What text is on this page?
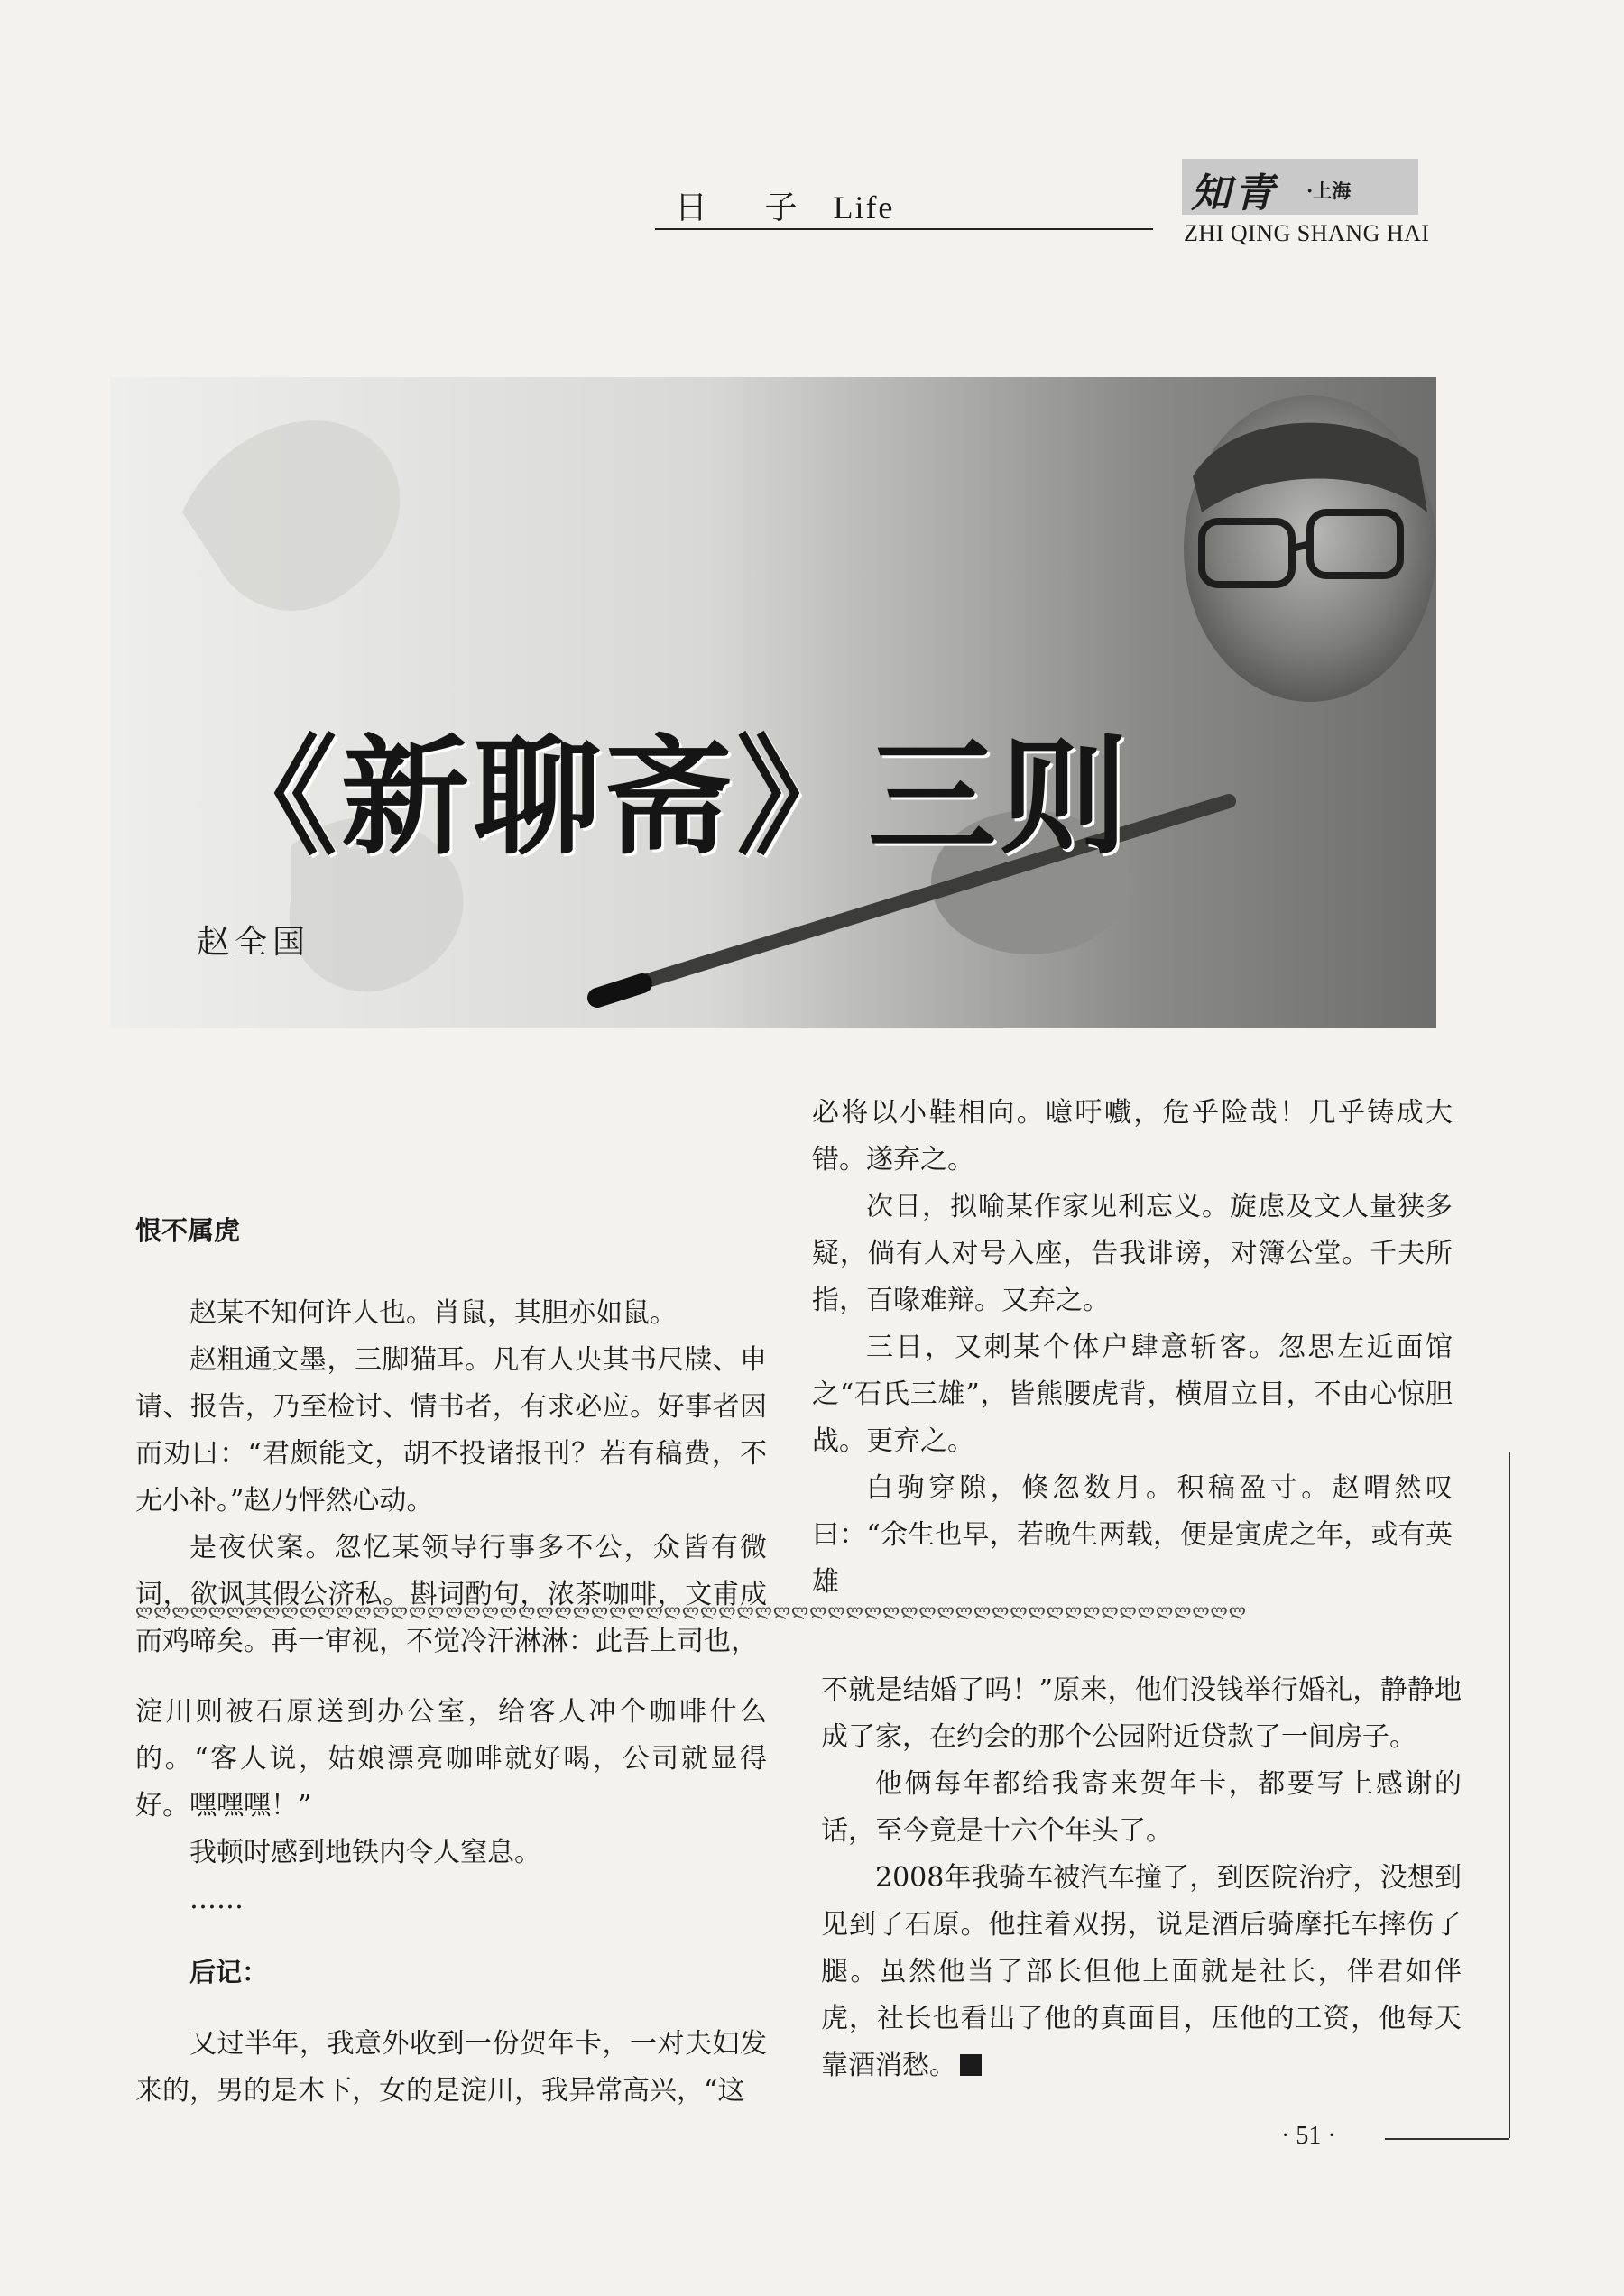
日 子 Life	知青 ·上海
ZHI QING SHANG HAI
《新聊斋》三则
赵全国

恨不属虎

赵某不知何许人也。肖鼠，其胆亦如鼠。

赵粗通文墨，三脚猫耳。凡有人央其书尺牍、申请、报告，乃至检讨、情书者，有求必应。好事者因而劝曰：“君颇能文，胡不投诸报刊？若有稿费，不无小补。”赵乃怦然心动。

是夜伏案。忽忆某领导行事多不公，众皆有微词，欲讽其假公济私。斟词酌句，浓茶咖啡，文甫成而鸡啼矣。再一审视，不觉冷汗淋淋：此吾上司也，

必将以小鞋相向。噫吁嚱，危乎险哉！几乎铸成大错。遂弃之。

次日，拟喻某作家见利忘义。旋虑及文人量狭多疑，倘有人对号入座，告我诽谤，对簿公堂。千夫所指，百喙难辩。又弃之。

三日，又刺某个体户肆意斩客。忽思左近面馆之“石氏三雄”，皆熊腰虎背，横眉立目，不由心惊胆战。更弃之。

白驹穿隙，倏忽数月。积稿盈寸。赵喟然叹曰：“余生也早，若晚生两载，便是寅虎之年，或有英雄

ლლლლლლლლლლლლლლლლლლლლლლლლლლლლლლლლლლლლლლლლლლლლლლლლლლლლლლლლლლლლლ

淀川则被石原送到办公室，给客人冲个咖啡什么的。“客人说，姑娘漂亮咖啡就好喝，公司就显得好。嘿嘿嘿！”

我顿时感到地铁内令人窒息。

……

后记：

又过半年，我意外收到一份贺年卡，一对夫妇发来的，男的是木下，女的是淀川，我异常高兴，“这

不就是结婚了吗！”原来，他们没钱举行婚礼，静静地成了家，在约会的那个公园附近贷款了一间房子。

他俩每年都给我寄来贺年卡，都要写上感谢的话，至今竟是十六个年头了。

2008年我骑车被汽车撞了，到医院治疗，没想到见到了石原。他拄着双拐，说是酒后骑摩托车摔伤了腿。虽然他当了部长但他上面就是社长，伴君如伴虎，社长也看出了他的真面目，压他的工资，他每天靠酒消愁。

· 51 ·
